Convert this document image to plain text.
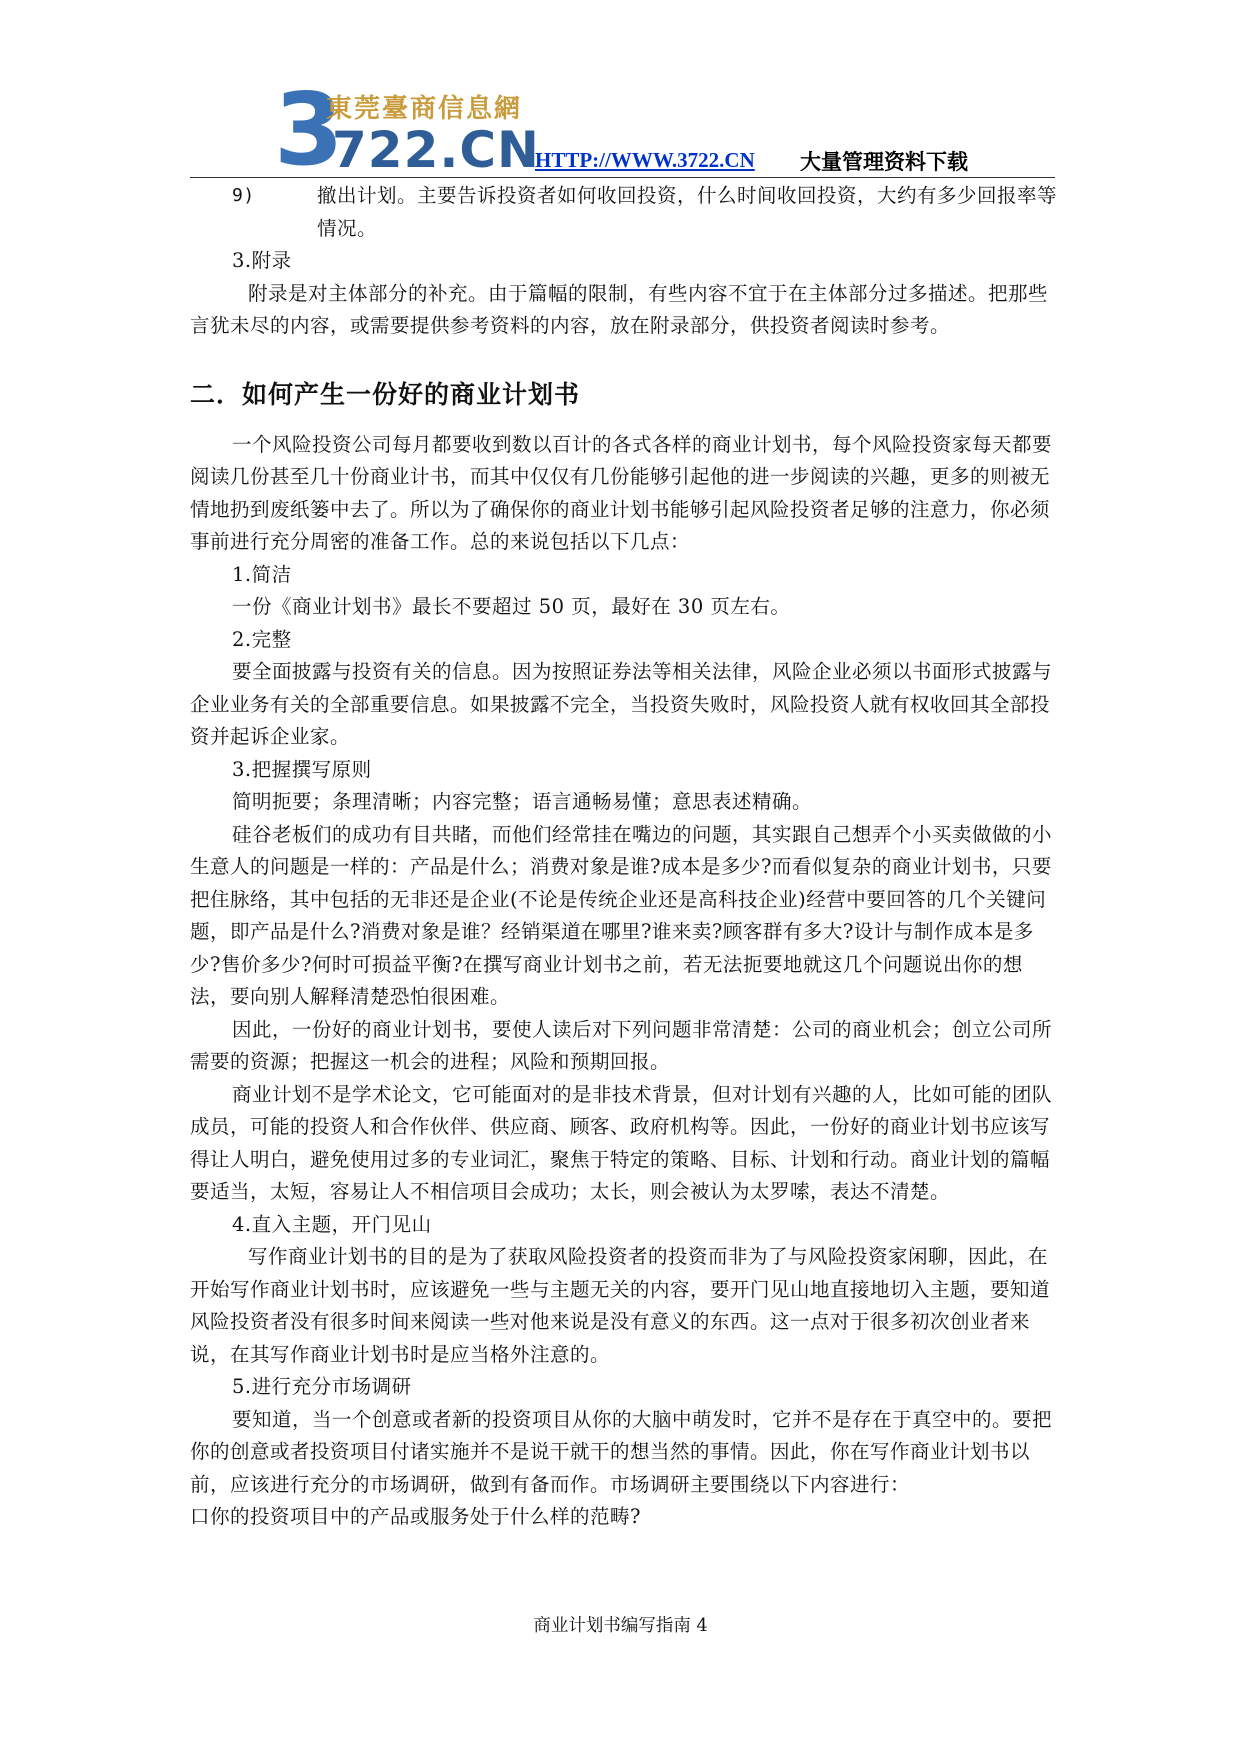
3
東莞臺商信息網
722.CN
HTTP://WWW.3722.CN 大量管理资料下载
9)	撤出计划。主要告诉投资者如何收回投资，什么时间收回投资，大约有多少回报率等情况。

3.附录

附录是对主体部分的补充。由于篇幅的限制，有些内容不宜于在主体部分过多描述。把那些言犹未尽的内容，或需要提供参考资料的内容，放在附录部分，供投资者阅读时参考。

二．如何产生一份好的商业计划书

一个风险投资公司每月都要收到数以百计的各式各样的商业计划书，每个风险投资家每天都要阅读几份甚至几十份商业计书，而其中仅仅有几份能够引起他的进一步阅读的兴趣，更多的则被无情地扔到废纸篓中去了。所以为了确保你的商业计划书能够引起风险投资者足够的注意力，你必须事前进行充分周密的准备工作。总的来说包括以下几点：

1.简洁

一份《商业计划书》最长不要超过 50 页，最好在 30 页左右。

2.完整

要全面披露与投资有关的信息。因为按照证券法等相关法律，风险企业必须以书面形式披露与企业业务有关的全部重要信息。如果披露不完全，当投资失败时，风险投资人就有权收回其全部投资并起诉企业家。

3.把握撰写原则

简明扼要；条理清晰；内容完整；语言通畅易懂；意思表述精确。

硅谷老板们的成功有目共睹，而他们经常挂在嘴边的问题，其实跟自己想弄个小买卖做做的小生意人的问题是一样的：产品是什么；消费对象是谁?成本是多少?而看似复杂的商业计划书，只要把住脉络，其中包括的无非还是企业(不论是传统企业还是高科技企业)经营中要回答的几个关键问题，即产品是什么?消费对象是谁？经销渠道在哪里?谁来卖?顾客群有多大?设计与制作成本是多少?售价多少?何时可损益平衡?在撰写商业计划书之前，若无法扼要地就这几个问题说出你的想法，要向别人解释清楚恐怕很困难。

因此，一份好的商业计划书，要使人读后对下列问题非常清楚：公司的商业机会；创立公司所需要的资源；把握这一机会的进程；风险和预期回报。

商业计划不是学术论文，它可能面对的是非技术背景，但对计划有兴趣的人，比如可能的团队成员，可能的投资人和合作伙伴、供应商、顾客、政府机构等。因此，一份好的商业计划书应该写得让人明白，避免使用过多的专业词汇，聚焦于特定的策略、目标、计划和行动。商业计划的篇幅要适当，太短，容易让人不相信项目会成功；太长，则会被认为太罗嗦，表达不清楚。

4.直入主题，开门见山

写作商业计划书的目的是为了获取风险投资者的投资而非为了与风险投资家闲聊，因此，在开始写作商业计划书时，应该避免一些与主题无关的内容，要开门见山地直接地切入主题，要知道风险投资者没有很多时间来阅读一些对他来说是没有意义的东西。这一点对于很多初次创业者来说，在其写作商业计划书时是应当格外注意的。

5.进行充分市场调研

要知道，当一个创意或者新的投资项目从你的大脑中萌发时，它并不是存在于真空中的。要把你的创意或者投资项目付诸实施并不是说干就干的想当然的事情。因此，你在写作商业计划书以前，应该进行充分的市场调研，做到有备而作。市场调研主要围绕以下内容进行：

口你的投资项目中的产品或服务处于什么样的范畴?

商业计划书编写指南 4
